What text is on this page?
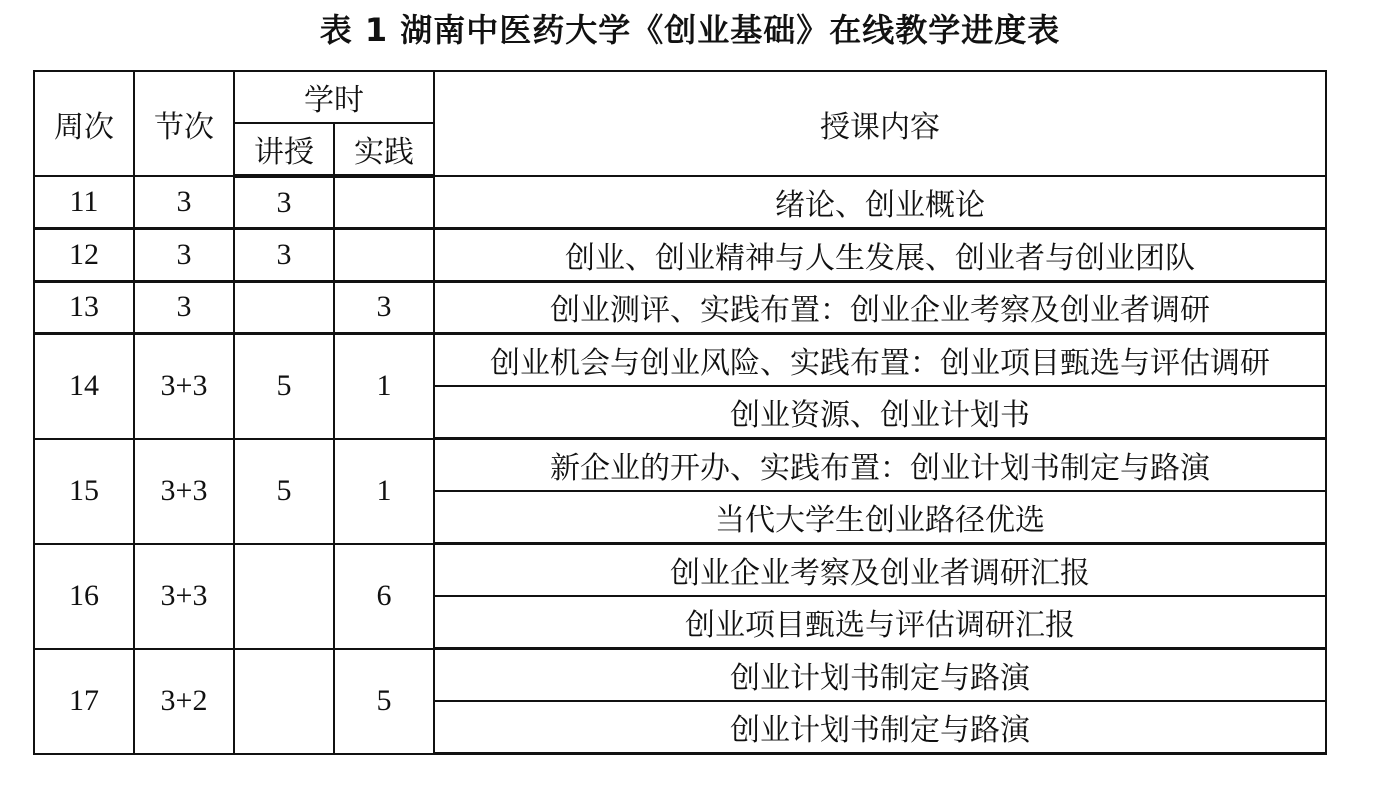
表 1 湖南中医药大学《创业基础》在线教学进度表
周次	节次	学时		授课内容
		讲授	实践	
11	3	3		绪论、创业概论
12	3	3		创业、创业精神与人生发展、创业者与创业团队
13	3		3	创业测评、实践布置：创业企业考察及创业者调研
14	3+3	5	1	创业机会与创业风险、实践布置：创业项目甄选与评估调研
				创业资源、创业计划书
15	3+3	5	1	新企业的开办、实践布置：创业计划书制定与路演
				当代大学生创业路径优选
16	3+3		6	创业企业考察及创业者调研汇报
				创业项目甄选与评估调研汇报
17	3+2		5	创业计划书制定与路演
				创业计划书制定与路演
